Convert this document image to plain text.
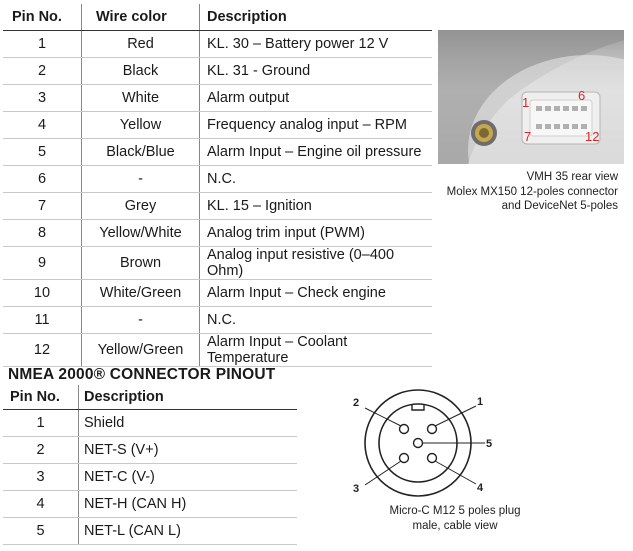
Pin No.	Wire color	Description
1	Red	KL. 30 – Battery power 12 V
2	Black	KL. 31 - Ground
3	White	Alarm output
4	Yellow	Frequency analog input – RPM
5	Black/Blue	Alarm Input – Engine oil pressure
6	-	N.C.
7	Grey	KL. 15 – Ignition
8	Yellow/White	Analog trim input (PWM)
9	Brown	Analog input resistive (0–400 Ohm)
10	White/Green	Alarm Input – Check engine
11	-	N.C.
12	Yellow/Green	Alarm Input – Coolant Temperature
1	6
7	12
VMH 35 rear view
Molex MX150 12-poles connector
and DeviceNet 5-poles
NMEA 2000® CONNECTOR PINOUT
Pin No.	Description
1	Shield
2	NET-S (V+)
3	NET-C (V-)
4	NET-H (CAN H)
5	NET-L (CAN L)
2	1
5
3	4
Micro-C M12 5 poles plug
male, cable view
